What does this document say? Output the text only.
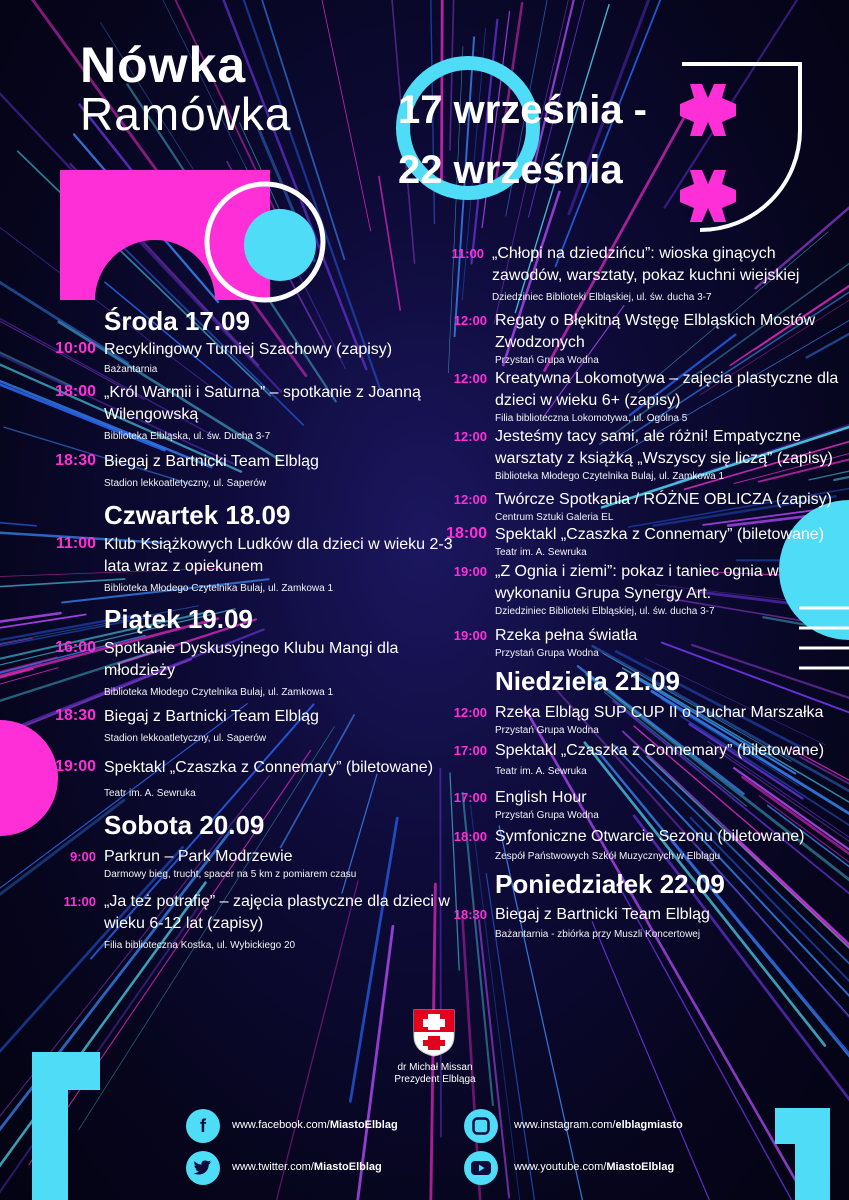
Nówka
Ramówka	17 września -
22 września
Środa 17.09
10:00 Recyklingowy Turniej Szachowy (zapisy)
Bażantarnia
18:00 „Król Warmii i Saturna” – spotkanie z Joanną Wilengowską
Biblioteka Elbląska, ul. św. Ducha 3-7
18:30 Biegaj z Bartnicki Team Elbląg
Stadion lekkoatletyczny, ul. Saperów
Czwartek 18.09
11:00 Klub Książkowych Ludków dla dzieci w wieku 2-3 lata wraz z opiekunem
Biblioteka Młodego Czytelnika Bulaj, ul. Zamkowa 1
Piątek 19.09
16:00 Spotkanie Dyskusyjnego Klubu Mangi dla młodzieży
Biblioteka Młodego Czytelnika Bulaj, ul. Zamkowa 1
18:30 Biegaj z Bartnicki Team Elbląg
Stadion lekkoatletyczny, ul. Saperów
19:00 Spektakl „Czaszka z Connemary” (biletowane)
Teatr im. A. Sewruka
Sobota 20.09
9:00 Parkrun – Park Modrzewie
Darmowy bieg, trucht, spacer na 5 km z pomiarem czasu
11:00 „Ja też potrafię” – zajęcia plastyczne dla dzieci w wieku 6-12 lat (zapisy)
Filia biblioteczna Kostka, ul. Wybickiego 20
11:00 „Chłopi na dziedzińcu”: wioska ginących zawodów, warsztaty, pokaz kuchni wiejskiej
Dziedziniec Biblioteki Elbląskiej, ul. św. ducha 3-7
12:00 Regaty o Błękitną Wstęgę Elbląskich Mostów Zwodzonych
Przystań Grupa Wodna
12:00 Kreatywna Lokomotywa – zajęcia plastyczne dla dzieci w wieku 6+ (zapisy)
Filia biblioteczna Lokomotywa, ul. Ogólna 5
12:00 Jesteśmy tacy sami, ale różni! Empatyczne warsztaty z książką „Wszyscy się liczą” (zapisy)
Biblioteka Młodego Czytelnika Bulaj, ul. Zamkowa 1
12:00 Twórcze Spotkania / RÓŻNE OBLICZA (zapisy)
Centrum Sztuki Galeria EL
18:00 Spektakl „Czaszka z Connemary” (biletowane)
Teatr im. A. Sewruka
19:00 „Z Ognia i ziemi”: pokaz i taniec ognia w wykonaniu Grupa Synergy Art.
Dziedziniec Biblioteki Elbląskiej, ul. św. ducha 3-7
19:00 Rzeka pełna światła
Przystań Grupa Wodna
Niedziela 21.09
12:00 Rzeka Elbląg SUP CUP II o Puchar Marszałka
Przystań Grupa Wodna
17:00 Spektakl „Czaszka z Connemary” (biletowane)
Teatr im. A. Sewruka
17:00 English Hour
Przystań Grupa Wodna
18:00 Symfoniczne Otwarcie Sezonu (biletowane)
Zespół Państwowych Szkół Muzycznych w Elblągu
Poniedziałek 22.09
18:30 Biegaj z Bartnicki Team Elbląg
Bażantarnia - zbiórka przy Muszli Koncertowej
dr Michał Missan
Prezydent Elbląga
f	www.facebook.com/MiastoElblag
www.twitter.com/MiastoElblag
www.instagram.com/elblagmiasto
www.youtube.com/MiastoElblag
